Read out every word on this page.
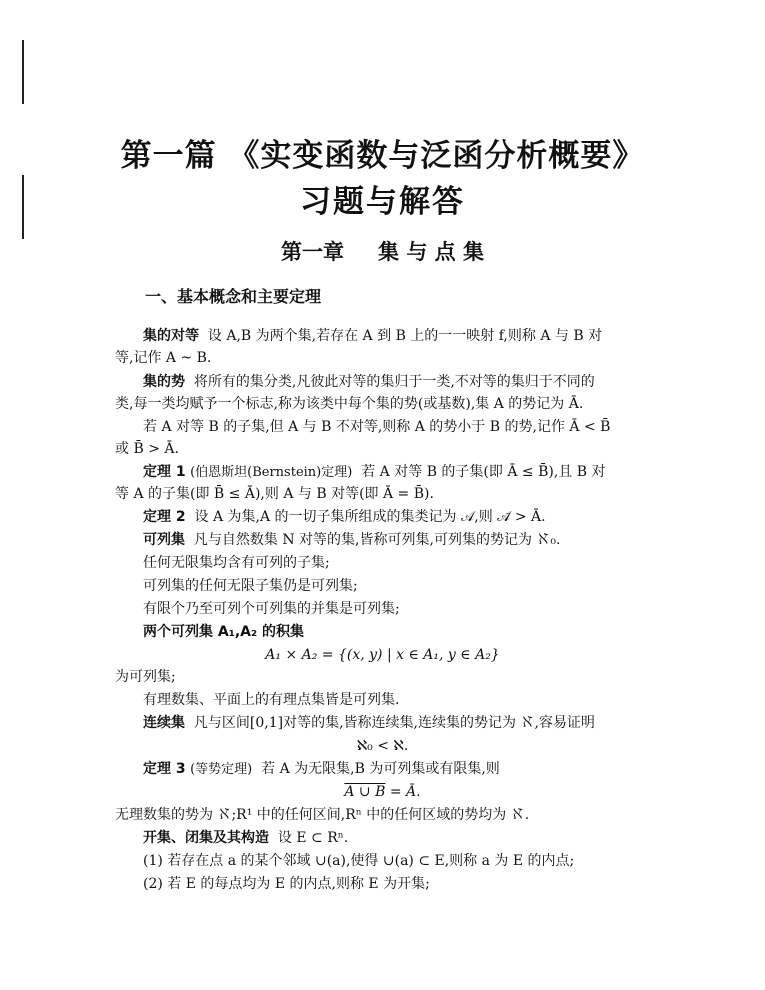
第一篇 《实变函数与泛函分析概要》
习题与解答
第一章 集 与 点 集
一、基本概念和主要定理
集的对等 设 A,B 为两个集,若存在 A 到 B 上的一一映射 f,则称 A 与 B 对
等,记作 A ~ B.
集的势 将所有的集分类,凡彼此对等的集归于一类,不对等的集归于不同的
类,每一类均赋予一个标志,称为该类中每个集的势(或基数),集 A 的势记为 Ā.
若 A 对等 B 的子集,但 A 与 B 不对等,则称 A 的势小于 B 的势,记作 Ā < B̄
或 B̄ > Ā.
定理 1 (伯恩斯坦(Bernstein)定理) 若 A 对等 B 的子集(即 Ā ≤ B̄),且 B 对
等 A 的子集(即 B̄ ≤ Ā),则 A 与 B 对等(即 Ā = B̄).
定理 2 设 A 为集,A 的一切子集所组成的集类记为 𝒜,则 𝒜̄ > Ā.
可列集 凡与自然数集 N 对等的集,皆称可列集,可列集的势记为 ℵ₀.
任何无限集均含有可列的子集;
可列集的任何无限子集仍是可列集;
有限个乃至可列个可列集的并集是可列集;
两个可列集 A₁,A₂ 的积集
A₁ × A₂ = {(x, y) | x ∈ A₁, y ∈ A₂}
为可列集;
有理数集、平面上的有理点集皆是可列集.
连续集 凡与区间[0,1]对等的集,皆称连续集,连续集的势记为 ℵ,容易证明
ℵ₀ < ℵ.
定理 3 (等势定理) 若 A 为无限集,B 为可列集或有限集,则
A ∪ B = Ā.
无理数集的势为 ℵ;R¹ 中的任何区间,Rⁿ 中的任何区域的势均为 ℵ.
开集、闭集及其构造 设 E ⊂ Rⁿ.
(1) 若存在点 a 的某个邻域 ∪(a),使得 ∪(a) ⊂ E,则称 a 为 E 的内点;
(2) 若 E 的每点均为 E 的内点,则称 E 为开集;
